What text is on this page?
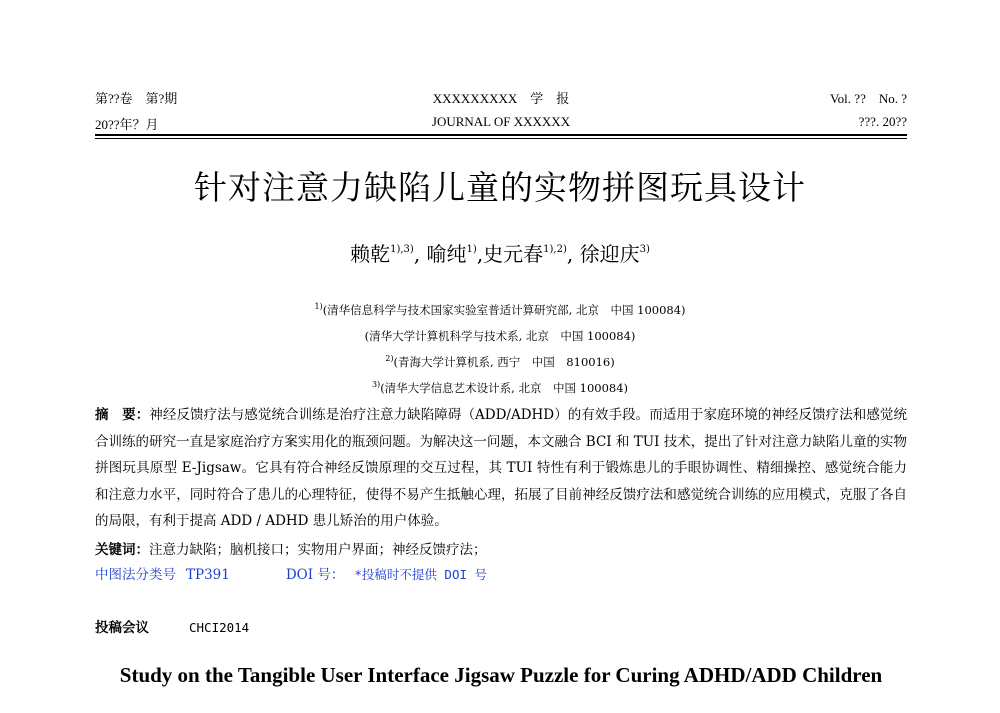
第??卷　第?期	XXXXXXXXX　学　报	Vol. ??　No. ?
20??年？月	JOURNAL OF XXXXXX	???. 20??
针对注意力缺陷儿童的实物拼图玩具设计
赖乾$^{1),3)}$, 喻纯$^{1)}$,史元春$^{1),2)}$, 徐迎庆$^{3)}$
$^{1)}$(清华信息科学与技术国家实验室普适计算研究部, 北京　中国 100084)
(清华大学计算机科学与技术系, 北京　中国 100084)
$^{2)}$(青海大学计算机系, 西宁　中国　810016)
$^{3)}$(清华大学信息艺术设计系, 北京　中国 100084)
摘　要：神经反馈疗法与感觉统合训练是治疗注意力缺陷障碍（ADD/ADHD）的有效手段。而适用于家庭环境的神经反馈疗法和感觉统合训练的研究一直是家庭治疗方案实用化的瓶颈问题。为解决这一问题，本文融合 BCI 和 TUI 技术，提出了针对注意力缺陷儿童的实物拼图玩具原型 E-Jigsaw。它具有符合神经反馈原理的交互过程，其 TUI 特性有利于锻炼患儿的手眼协调性、精细操控、感觉统合能力和注意力水平，同时符合了患儿的心理特征，使得不易产生抵触心理，拓展了目前神经反馈疗法和感觉统合训练的应用模式，克服了各自的局限，有利于提高 ADD / ADHD 患儿矫治的用户体验。
关键词：注意力缺陷；脑机接口；实物用户界面；神经反馈疗法；
中图法分类号 TP391	DOI 号： *投稿时不提供 DOI 号
投稿会议	CHCI2014
Study on the Tangible User Interface Jigsaw Puzzle for Curing ADHD/ADD Children
